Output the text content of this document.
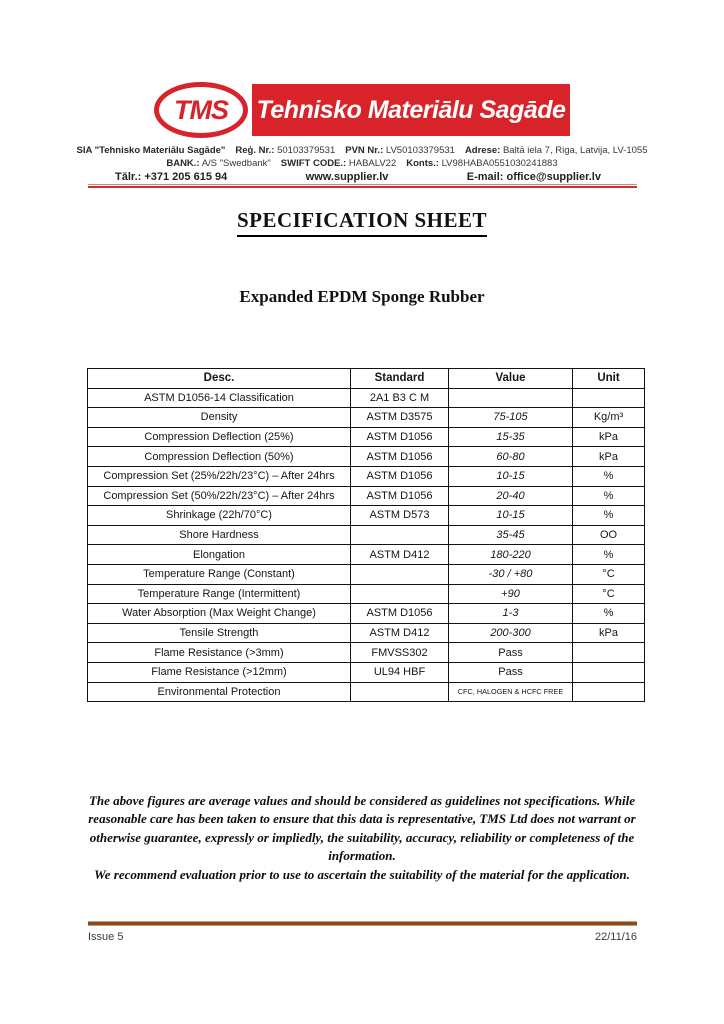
TMS Tehnisko Materiālu Sagāde
SIA "Tehnisko Materiālu Sagāde" Reģ. Nr.: 50103379531 PVN Nr.: LV50103379531 Adrese: Baltā iela 7, Riga, Latvija, LV-1055
BANK.: A/S "Swedbank" SWIFT CODE.: HABALV22 Konts.: LV98HABA0551030241883
Tālr.: +371 205 615 94	www.supplier.lv	E-mail: office@supplier.lv
SPECIFICATION SHEET
Expanded EPDM Sponge Rubber
Desc.	Standard	Value	Unit
ASTM D1056-14 Classification	2A1 B3 C M		
Density	ASTM D3575	75-105	Kg/m³
Compression Deflection (25%)	ASTM D1056	15-35	kPa
Compression Deflection (50%)	ASTM D1056	60-80	kPa
Compression Set (25%/22h/23°C) – After 24hrs	ASTM D1056	10-15	%
Compression Set (50%/22h/23°C) – After 24hrs	ASTM D1056	20-40	%
Shrinkage (22h/70°C)	ASTM D573	10-15	%
Shore Hardness		35-45	OO
Elongation	ASTM D412	180-220	%
Temperature Range (Constant)		-30 / +80	°C
Temperature Range (Intermittent)		+90	°C
Water Absorption (Max Weight Change)	ASTM D1056	1-3	%
Tensile Strength	ASTM D412	200-300	kPa
Flame Resistance (>3mm)	FMVSS302	Pass	
Flame Resistance (>12mm)	UL94 HBF	Pass	
Environmental Protection		CFC, HALOGEN & HCFC FREE	
The above figures are average values and should be considered as guidelines not specifications. While reasonable care has been taken to ensure that this data is representative, TMS Ltd does not warrant or otherwise guarantee, expressly or impliedly, the suitability, accuracy, reliability or completeness of the information.
We recommend evaluation prior to use to ascertain the suitability of the material for the application.
Issue 5	22/11/16
